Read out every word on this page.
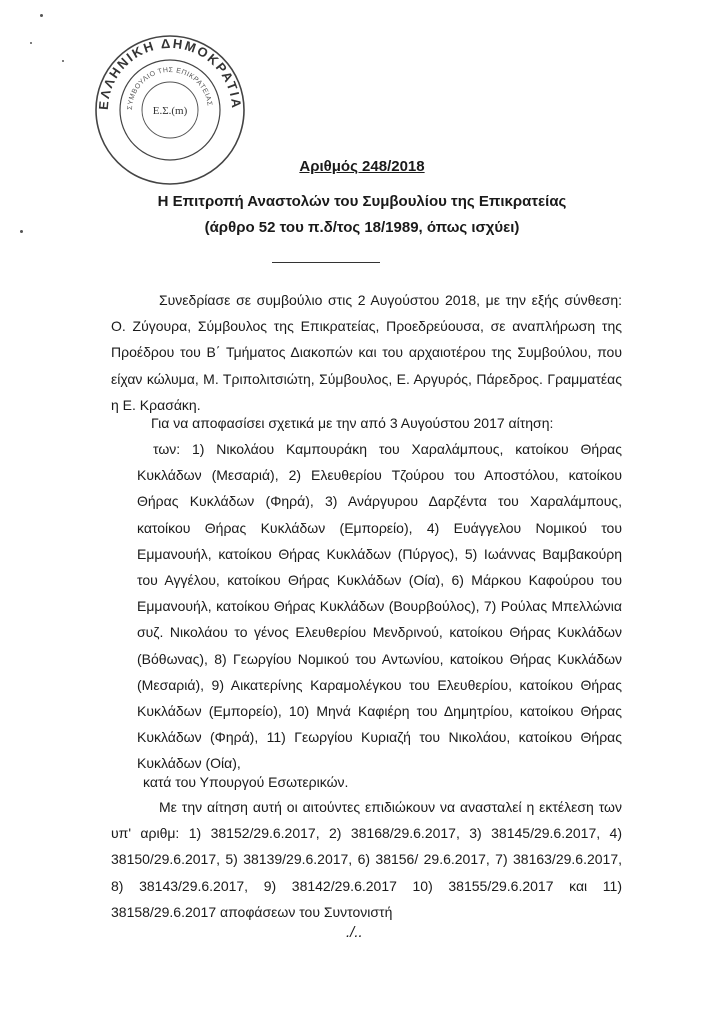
ΕΛΛΗΝΙΚΗ ΔΗΜΟΚΡΑΤΙΑ
ΣΥΜΒΟΥΛΙΟ ΤΗΣ ΕΠΙΚΡΑΤΕΙΑΣ
Ε.Σ.(m)
Αριθμός 248/2018
Η Επιτροπή Αναστολών του Συμβουλίου της Επικρατείας
(άρθρο 52 του π.δ/τος 18/1989, όπως ισχύει)

Συνεδρίασε σε συμβούλιο στις 2 Αυγούστου 2018, με την εξής σύνθεση: Ο. Ζύγουρα, Σύμβουλος της Επικρατείας, Προεδρεύουσα, σε αναπλήρωση της Προέδρου του Β΄ Τμήματος Διακοπών και του αρχαιοτέρου της Συμβούλου, που είχαν κώλυμα, Μ. Τριπολιτσιώτη, Σύμβουλος, Ε. Αργυρός, Πάρεδρος. Γραμματέας η Ε. Κρασάκη.

Για να αποφασίσει σχετικά με την από 3 Αυγούστου 2017 αίτηση:

των: 1) Νικολάου Καμπουράκη του Χαραλάμπους, κατοίκου Θήρας Κυκλάδων (Μεσαριά), 2) Ελευθερίου Τζούρου του Αποστόλου, κατοίκου Θήρας Κυκλάδων (Φηρά), 3) Ανάργυρου Δαρζέντα του Χαραλάμπους, κατοίκου Θήρας Κυκλάδων (Εμπορείο), 4) Ευάγγελου Νομικού του Εμμανουήλ, κατοίκου Θήρας Κυκλάδων (Πύργος), 5) Ιωάννας Βαμβακούρη του Αγγέλου, κατοίκου Θήρας Κυκλάδων (Οία), 6) Μάρκου Καφούρου του Εμμανουήλ, κατοίκου Θήρας Κυκλάδων (Βουρβούλος), 7) Ρούλας Μπελλώνια συζ. Νικολάου το γένος Ελευθερίου Μενδρινού, κατοίκου Θήρας Κυκλάδων (Βόθωνας), 8) Γεωργίου Νομικού του Αντωνίου, κατοίκου Θήρας Κυκλάδων (Μεσαριά), 9) Αικατερίνης Καραμολέγκου του Ελευθερίου, κατοίκου Θήρας Κυκλάδων (Εμπορείο), 10) Μηνά Καφιέρη του Δημητρίου, κατοίκου Θήρας Κυκλάδων (Φηρά), 11) Γεωργίου Κυριαζή του Νικολάου, κατοίκου Θήρας Κυκλάδων (Οία),

κατά του Υπουργού Εσωτερικών.

Με την αίτηση αυτή οι αιτούντες επιδιώκουν να ανασταλεί η εκτέλεση των υπ' αριθμ: 1) 38152/29.6.2017, 2) 38168/29.6.2017, 3) 38145/29.6.2017, 4) 38150/29.6.2017, 5) 38139/29.6.2017, 6) 38156/ 29.6.2017, 7) 38163/29.6.2017, 8) 38143/29.6.2017, 9) 38142/29.6.2017 10) 38155/29.6.2017 και 11) 38158/29.6.2017 αποφάσεων του Συντονιστή

./..
